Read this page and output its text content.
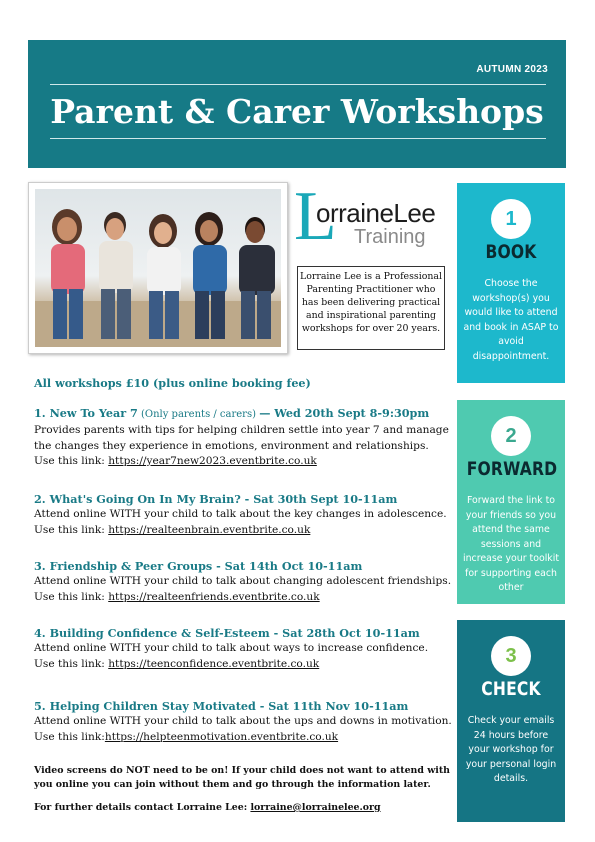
AUTUMN 2023
Parent & Carer Workshops
L
orraineLee
Training
Lorraine Lee is a Professional Parenting Practitioner who has been delivering practical and inspirational parenting workshops for over 20 years.
All workshops £10 (plus online booking fee)
1. New To Year 7 (Only parents / carers) — Wed 20th Sept 8-9:30pm
Provides parents with tips for helping children settle into year 7 and manage the changes they experience in emotions, environment and relationships.
Use this link: https://year7new2023.eventbrite.co.uk
2. What's Going On In My Brain? - Sat 30th Sept 10-11am
Attend online WITH your child to talk about the key changes in adolescence.
Use this link: https://realteenbrain.eventbrite.co.uk
3. Friendship & Peer Groups - Sat 14th Oct 10-11am
Attend online WITH your child to talk about changing adolescent friendships.
Use this link: https://realteenfriends.eventbrite.co.uk
4. Building Confidence & Self-Esteem - Sat 28th Oct 10-11am
Attend online WITH your child to talk about ways to increase confidence.
Use this link: https://teenconfidence.eventbrite.co.uk
5. Helping Children Stay Motivated - Sat 11th Nov 10-11am
Attend online WITH your child to talk about the ups and downs in motivation.
Use this link:https://helpteenmotivation.eventbrite.co.uk
Video screens do NOT need to be on! If your child does not want to attend with you online you can join without them and go through the information later.
For further details contact Lorraine Lee: lorraine@lorrainelee.org
1
BOOK
Choose the workshop(s) you would like to attend and book in ASAP to avoid disappointment.
2
FORWARD
Forward the link to your friends so you attend the same sessions and increase your toolkit for supporting each other
3
CHECK
Check your emails 24 hours before your workshop for your personal login details.
